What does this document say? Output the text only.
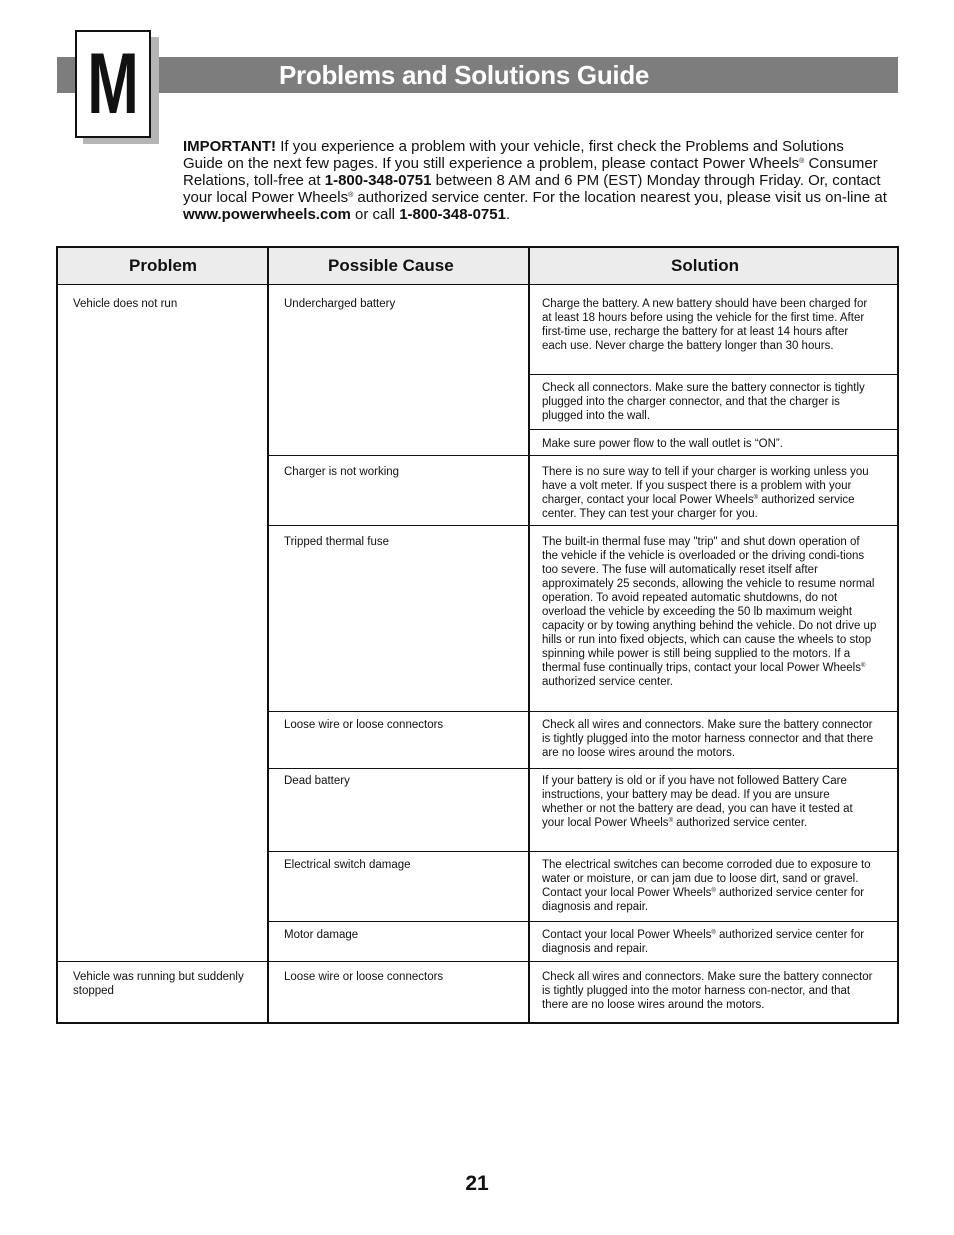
Problems and Solutions Guide
M
IMPORTANT! If you experience a problem with your vehicle, first check the Problems and Solutions Guide on the next few pages. If you still experience a problem, please contact Power Wheels® Consumer Relations, toll-free at 1-800-348-0751 between 8 AM and 6 PM (EST) Monday through Friday. Or, contact your local Power Wheels® authorized service center. For the location nearest you, please visit us on-line at www.powerwheels.com or call 1-800-348-0751.
Problem	Possible Cause	Solution
Vehicle does not run
Vehicle was running but suddenly stopped
Undercharged battery
Charger is not working
Tripped thermal fuse
Loose wire or loose connectors
Dead battery
Electrical switch damage
Motor damage
Loose wire or loose connectors
Charge the battery. A new battery should have been charged for at least 18 hours before using the vehicle for the first time. After first-time use, recharge the battery for at least 14 hours after each use. Never charge the battery longer than 30 hours.
Check all connectors. Make sure the battery connector is tightly plugged into the charger connector, and that the charger is plugged into the wall.
Make sure power flow to the wall outlet is “ON”.
There is no sure way to tell if your charger is working unless you have a volt meter. If you suspect there is a problem with your charger, contact your local Power Wheels® authorized service center. They can test your charger for you.
The built-in thermal fuse may "trip" and shut down operation of the vehicle if the vehicle is overloaded or the driving condi-tions too severe. The fuse will automatically reset itself after approximately 25 seconds, allowing the vehicle to resume normal operation. To avoid repeated automatic shutdowns, do not overload the vehicle by exceeding the 50 lb maximum weight capacity or by towing anything behind the vehicle. Do not drive up hills or run into fixed objects, which can cause the wheels to stop spinning while power is still being supplied to the motors. If a thermal fuse continually trips, contact your local Power Wheels® authorized service center.
Check all wires and connectors. Make sure the battery connector is tightly plugged into the motor harness connector and that there are no loose wires around the motors.
If your battery is old or if you have not followed Battery Care instructions, your battery may be dead. If you are unsure whether or not the battery are dead, you can have it tested at your local Power Wheels® authorized service center.
The electrical switches can become corroded due to exposure to water or moisture, or can jam due to loose dirt, sand or gravel. Contact your local Power Wheels® authorized service center for diagnosis and repair.
Contact your local Power Wheels® authorized service center for diagnosis and repair.
Check all wires and connectors. Make sure the battery connector is tightly plugged into the motor harness con-nector, and that there are no loose wires around the motors.
21
